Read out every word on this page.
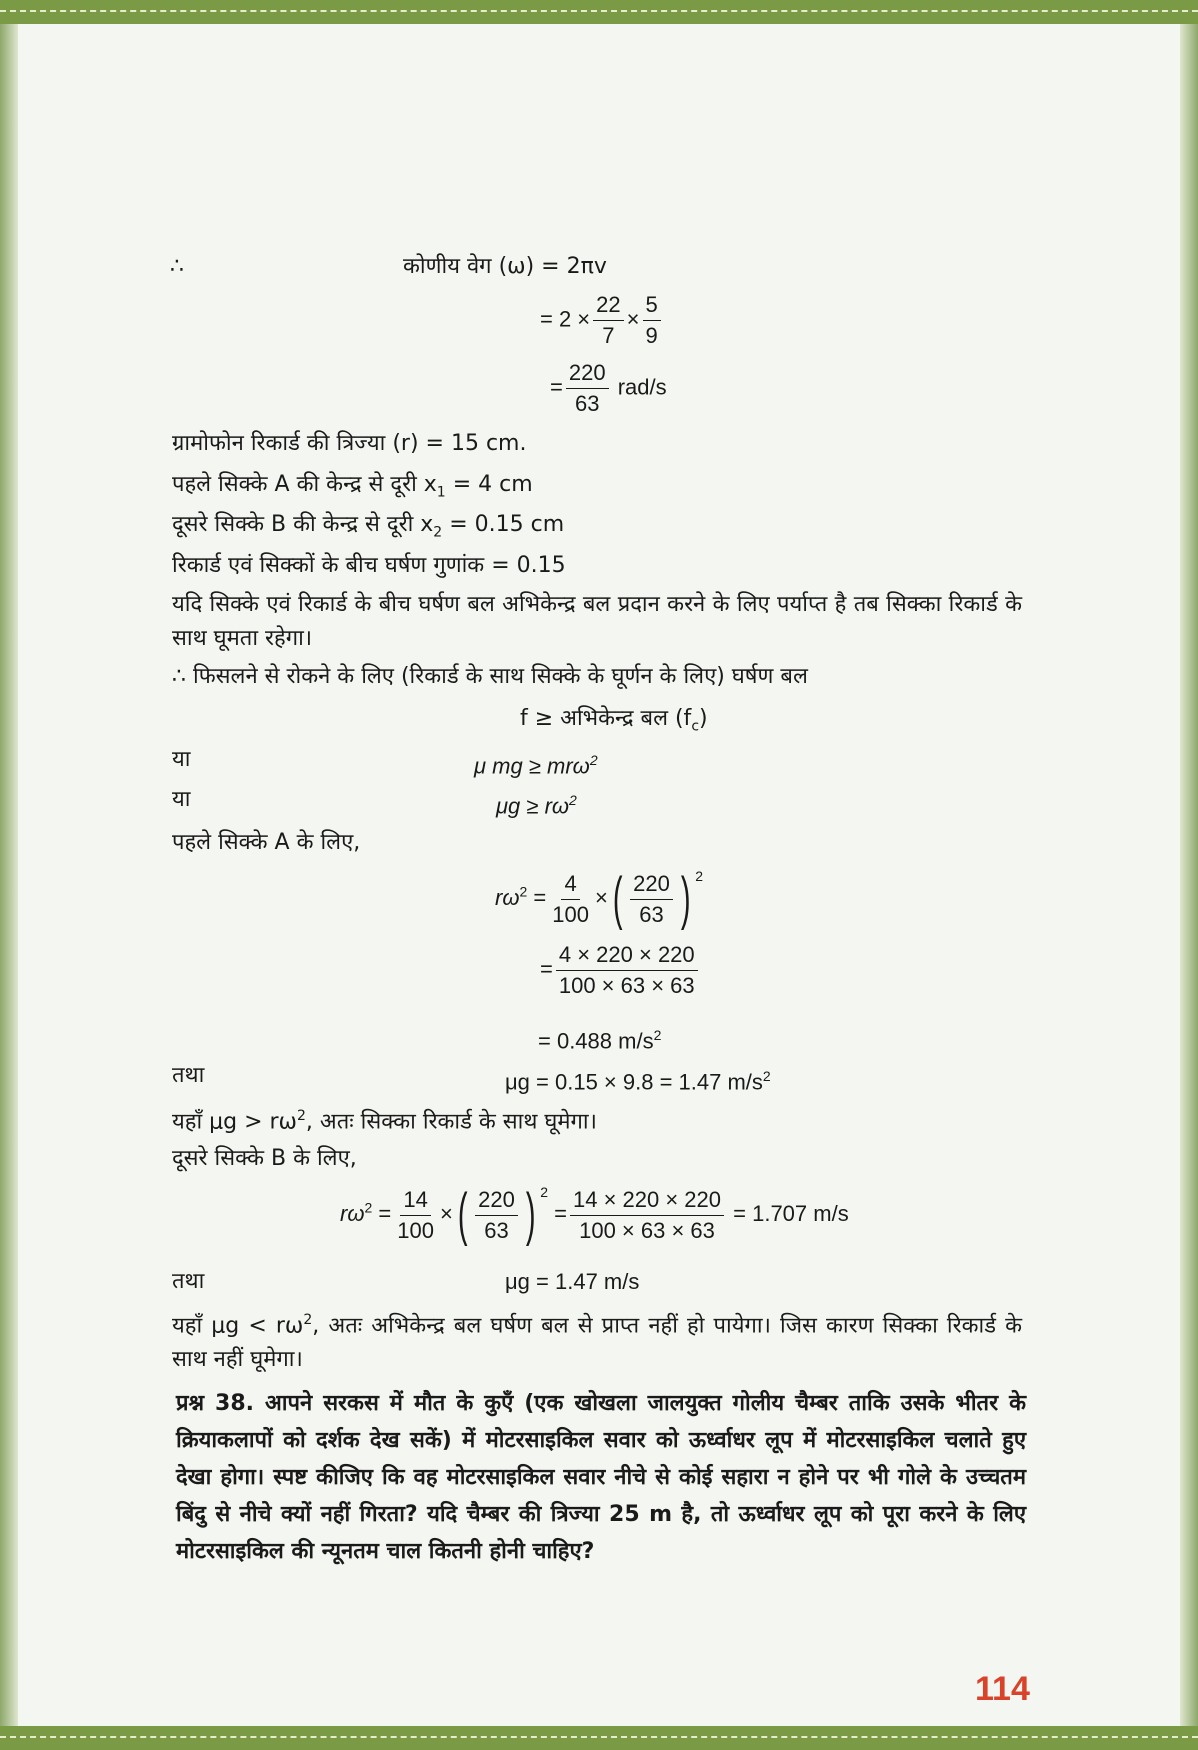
∴	कोणीय वेग (ω) = 2πv
= $2 \times \frac{22}{7} \times \frac{5}{9}$
= $\frac{220}{63} rad/s$
ग्रामोफोन रिकार्ड की त्रिज्या (r) = 15 cm.
पहले सिक्के A की केन्द्र से दूरी $x_1 = 4$ cm
दूसरे सिक्के B की केन्द्र से दूरी $x_2 = 0.15$ cm
रिकार्ड एवं सिक्कों के बीच घर्षण गुणांक = 0.15
यदि सिक्के एवं रिकार्ड के बीच घर्षण बल अभिकेन्द्र बल प्रदान करने के लिए पर्याप्त है तब सिक्का रिकार्ड के साथ घूमता रहेगा।
∴ फिसलने से रोकने के लिए (रिकार्ड के साथ सिक्के के घूर्णन के लिए) घर्षण बल
f ≥ अभिकेन्द्र बल $(f_c)$
या	μ mg ≥ mrω$^2$
या	$\mu g \ge r\omega^2$
पहले सिक्के A के लिए,
$r\omega^2 = \frac{4}{100}$ × ( $\frac{220}{63}$ ) $^2$
= $\frac{4 \times 220 \times 220}{100 \times 63 \times 63}$
= 0.488 $m/s^2$
तथा	μg = 0.15 × 9.8 = 1.47 $m/s^2$
यहाँ $\mu g > r\omega^2$, अतः सिक्का रिकार्ड के साथ घूमेगा।
दूसरे सिक्के B के लिए,
$r\omega^2 = \frac{14}{100}$ × ( $\frac{220}{63}$ ) $^2 = \frac{14 \times 220 \times 220}{100 \times 63 \times 63} = 1.707$ m/s
तथा	μg = 1.47 m/s
यहाँ $\mu g < r\omega^2$, अतः अभिकेन्द्र बल घर्षण बल से प्राप्त नहीं हो पायेगा। जिस कारण सिक्का रिकार्ड के साथ नहीं घूमेगा।
प्रश्न 38. आपने सरकस में मौत के कुएँ (एक खोखला जालयुक्त गोलीय चैम्बर ताकि उसके भीतर के क्रियाकलापों को दर्शक देख सकें) में मोटरसाइकिल सवार को ऊर्ध्वाधर लूप में मोटरसाइकिल चलाते हुए देखा होगा। स्पष्ट कीजिए कि वह मोटरसाइकिल सवार नीचे से कोई सहारा न होने पर भी गोले के उच्चतम बिंदु से नीचे क्यों नहीं गिरता? यदि चैम्बर की त्रिज्या 25 m है, तो ऊर्ध्वाधर लूप को पूरा करने के लिए मोटरसाइकिल की न्यूनतम चाल कितनी होनी चाहिए?
114
